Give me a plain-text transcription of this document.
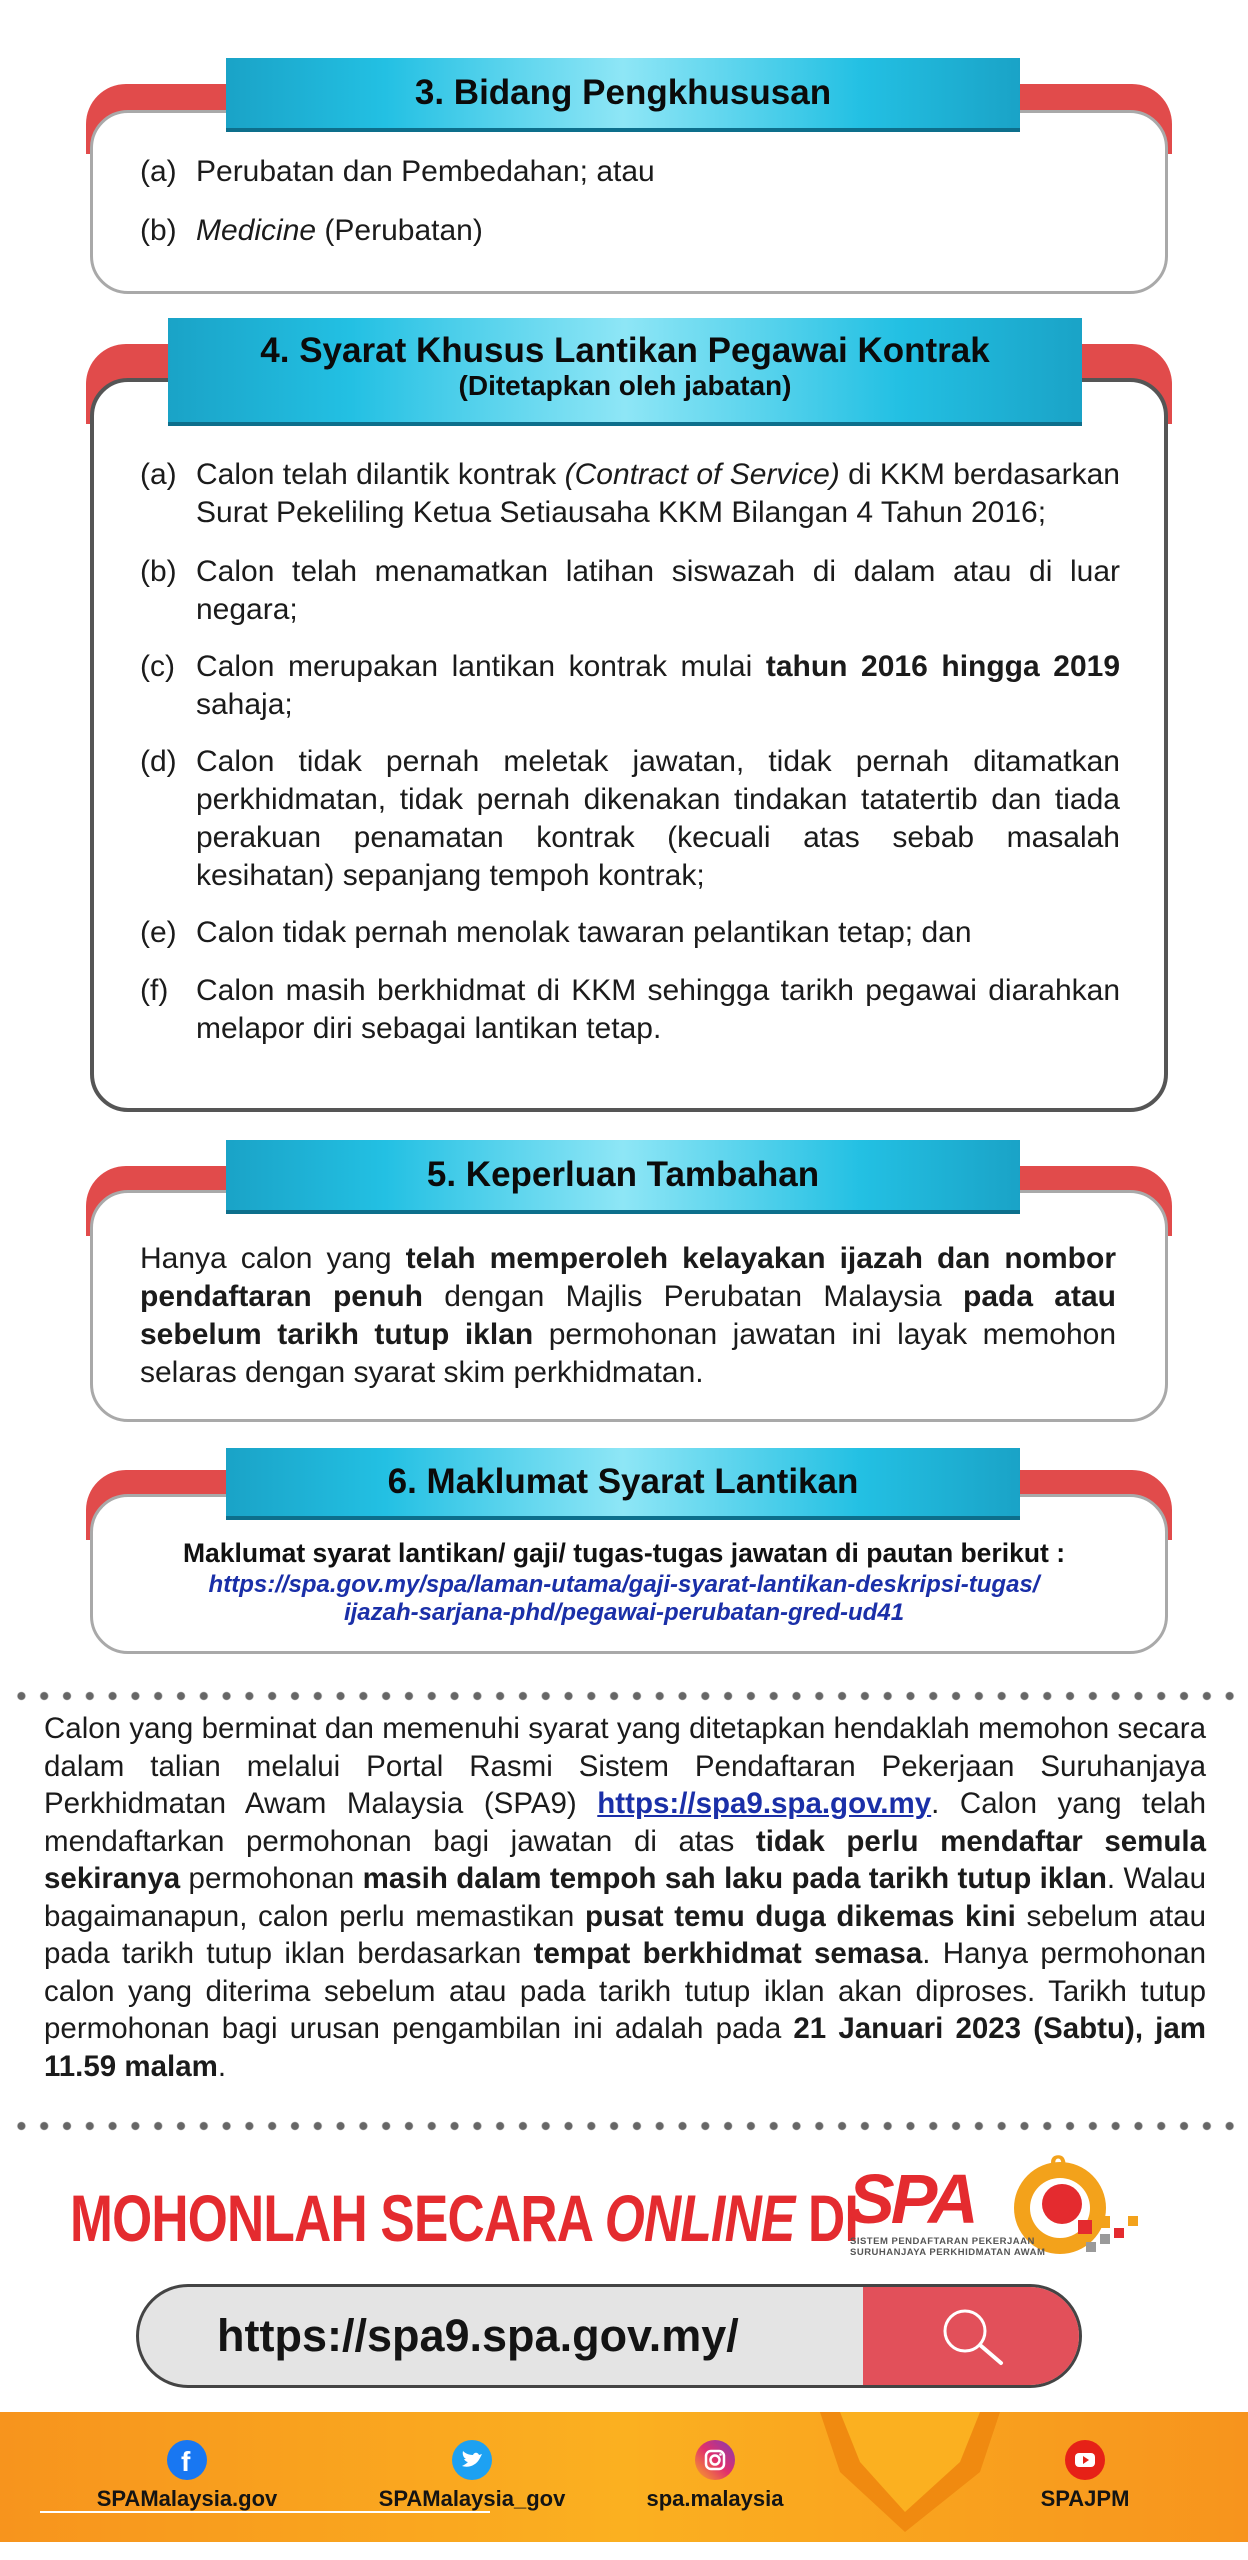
3. Bidang Pengkhususan
(a) Perubatan dan Pembedahan; atau
(b) Medicine (Perubatan)
4. Syarat Khusus Lantikan Pegawai Kontrak
(Ditetapkan oleh jabatan)
(a) Calon telah dilantik kontrak (Contract of Service) di KKM berdasarkan Surat Pekeliling Ketua Setiausaha KKM Bilangan 4 Tahun 2016;
(b) Calon telah menamatkan latihan siswazah di dalam atau di luar negara;
(c) Calon merupakan lantikan kontrak mulai tahun 2016 hingga 2019 sahaja;
(d) Calon tidak pernah meletak jawatan, tidak pernah ditamatkan perkhidmatan, tidak pernah dikenakan tindakan tatatertib dan tiada perakuan penamatan kontrak (kecuali atas sebab masalah kesihatan) sepanjang tempoh kontrak;
(e) Calon tidak pernah menolak tawaran pelantikan tetap; dan
(f) Calon masih berkhidmat di KKM sehingga tarikh pegawai diarahkan melapor diri sebagai lantikan tetap.
5. Keperluan Tambahan
Hanya calon yang telah memperoleh kelayakan ijazah dan nombor pendaftaran penuh dengan Majlis Perubatan Malaysia pada atau sebelum tarikh tutup iklan permohonan jawatan ini layak memohon selaras dengan syarat skim perkhidmatan.
6. Maklumat Syarat Lantikan
Maklumat syarat lantikan/ gaji/ tugas-tugas jawatan di pautan berikut :
https://spa.gov.my/spa/laman-utama/gaji-syarat-lantikan-deskripsi-tugas/
ijazah-sarjana-phd/pegawai-perubatan-gred-ud41
Calon yang berminat dan memenuhi syarat yang ditetapkan hendaklah memohon secara dalam talian melalui Portal Rasmi Sistem Pendaftaran Pekerjaan Suruhanjaya Perkhidmatan Awam Malaysia (SPA9) https://spa9.spa.gov.my. Calon yang telah mendaftarkan permohonan bagi jawatan di atas tidak perlu mendaftar semula sekiranya permohonan masih dalam tempoh sah laku pada tarikh tutup iklan. Walau bagaimanapun, calon perlu memastikan pusat temu duga dikemas kini sebelum atau pada tarikh tutup iklan berdasarkan tempat berkhidmat semasa. Hanya permohonan calon yang diterima sebelum atau pada tarikh tutup iklan akan diproses. Tarikh tutup permohonan bagi urusan pengambilan ini adalah pada 21 Januari 2023 (Sabtu), jam 11.59 malam.
MOHONLAH SECARA ONLINE DI
SPA	9
SISTEM PENDAFTARAN PEKERJAAN
SURUHANJAYA PERKHIDMATAN AWAM
https://spa9.spa.gov.my/
f
SPAMalaysia.gov	SPAMalaysia_gov	spa.malaysia	SPAJPM
